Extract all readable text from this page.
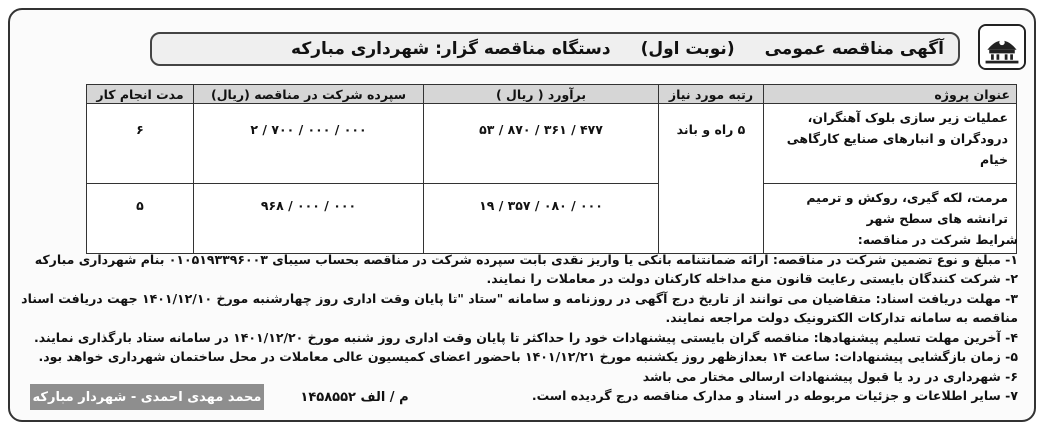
آگهی مناقصه عمومی
(نوبت اول)
دستگاه مناقصه گزار: شهرداری مبارکه
عنوان پروژه	رتبه مورد نیاز	برآورد ( ریال )	سپرده شرکت در مناقصه (ریال)	مدت انجام کار
عملیات زیر سازی بلوک آهنگران، درودگران و انبارهای صنایع کارگاهی خیام	۵ راه و باند	۴۷۷ / ۳۶۱ / ۸۷۰ / ۵۳	۰۰۰ / ۰۰۰ / ۷۰۰ / ۲	۶
مرمت، لکه گیری، روکش و ترمیم ترانشه های سطح شهر		۰۰۰ / ۰۸۰ / ۳۵۷ / ۱۹	۰۰۰ / ۰۰۰ / ۹۶۸	۵

شرایط شرکت در مناقصه:

۱- مبلغ و نوع تضمین شرکت در مناقصه: ارائه ضمانتنامه بانکی یا واریز نقدی بابت سپرده شرکت در مناقصه بحساب سیبای ۰۱۰۵۱۹۳۳۹۶۰۰۳ بنام شهرداری مبارکه

۲- شرکت کنندگان بایستی رعایت قانون منع مداخله کارکنان دولت در معاملات را نمایند.

۳- مهلت دریافت اسناد: متقاضیان می توانند از تاریخ درج آگهی در روزنامه و سامانه "ستاد "تا پایان وقت اداری روز چهارشنبه مورخ ۱۴۰۱/۱۲/۱۰ جهت دریافت اسناد مناقصه به سامانه تدارکات الکترونیک دولت مراجعه نمایند.

۴- آخرین مهلت تسلیم پیشنهادها: مناقصه گران بایستی پیشنهادات خود را حداکثر تا پایان وقت اداری روز شنبه مورخ ۱۴۰۱/۱۲/۲۰ در سامانه ستاد بارگذاری نمایند.

۵- زمان بازگشایی پیشنهادات: ساعت ۱۴ بعدازظهر روز یکشنبه مورخ ۱۴۰۱/۱۲/۲۱ باحضور اعضای کمیسیون عالی معاملات در محل ساختمان شهرداری خواهد بود.

۶- شهرداری در رد یا قبول پیشنهادات ارسالی مختار می باشد

۷- سایر اطلاعات و جزئیات مربوطه در اسناد و مدارک مناقصه درج گردیده است.

م / الف ۱۴۵۸۵۵۲
محمد مهدی احمدی - شهردار مبارکه
